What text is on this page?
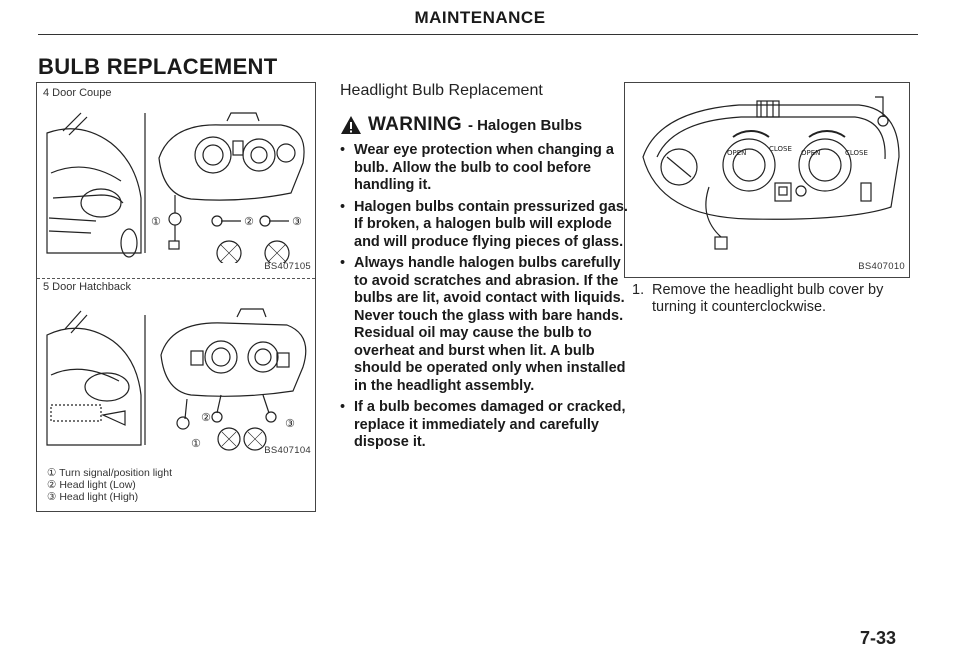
MAINTENANCE
BULB REPLACEMENT
4 Door Coupe
①	②	③
BS407105
5 Door Hatchback
①
②	③
BS407104
① Turn signal/position light
② Head light (Low)
③ Head light (High)
Headlight Bulb Replacement
WARNING - Halogen Bulbs
• Wear eye protection when changing a bulb. Allow the bulb to cool before handling it.
• Halogen bulbs contain pressurized gas. If broken, a halogen bulb will explode and will produce flying pieces of glass.
• Always handle halogen bulbs carefully to avoid scratches and abrasion. If the bulbs are lit, avoid contact with liquids. Never touch the glass with bare hands. Residual oil may cause the bulb to overheat and burst when lit. A bulb should be operated only when installed in the headlight assembly.
• If a bulb becomes damaged or cracked, replace it immediately and carefully dispose it.
OPEN	CLOSE OPEN	CLOSE
BS407010
1. Remove the headlight bulb cover by turning it counterclockwise.
7-33
